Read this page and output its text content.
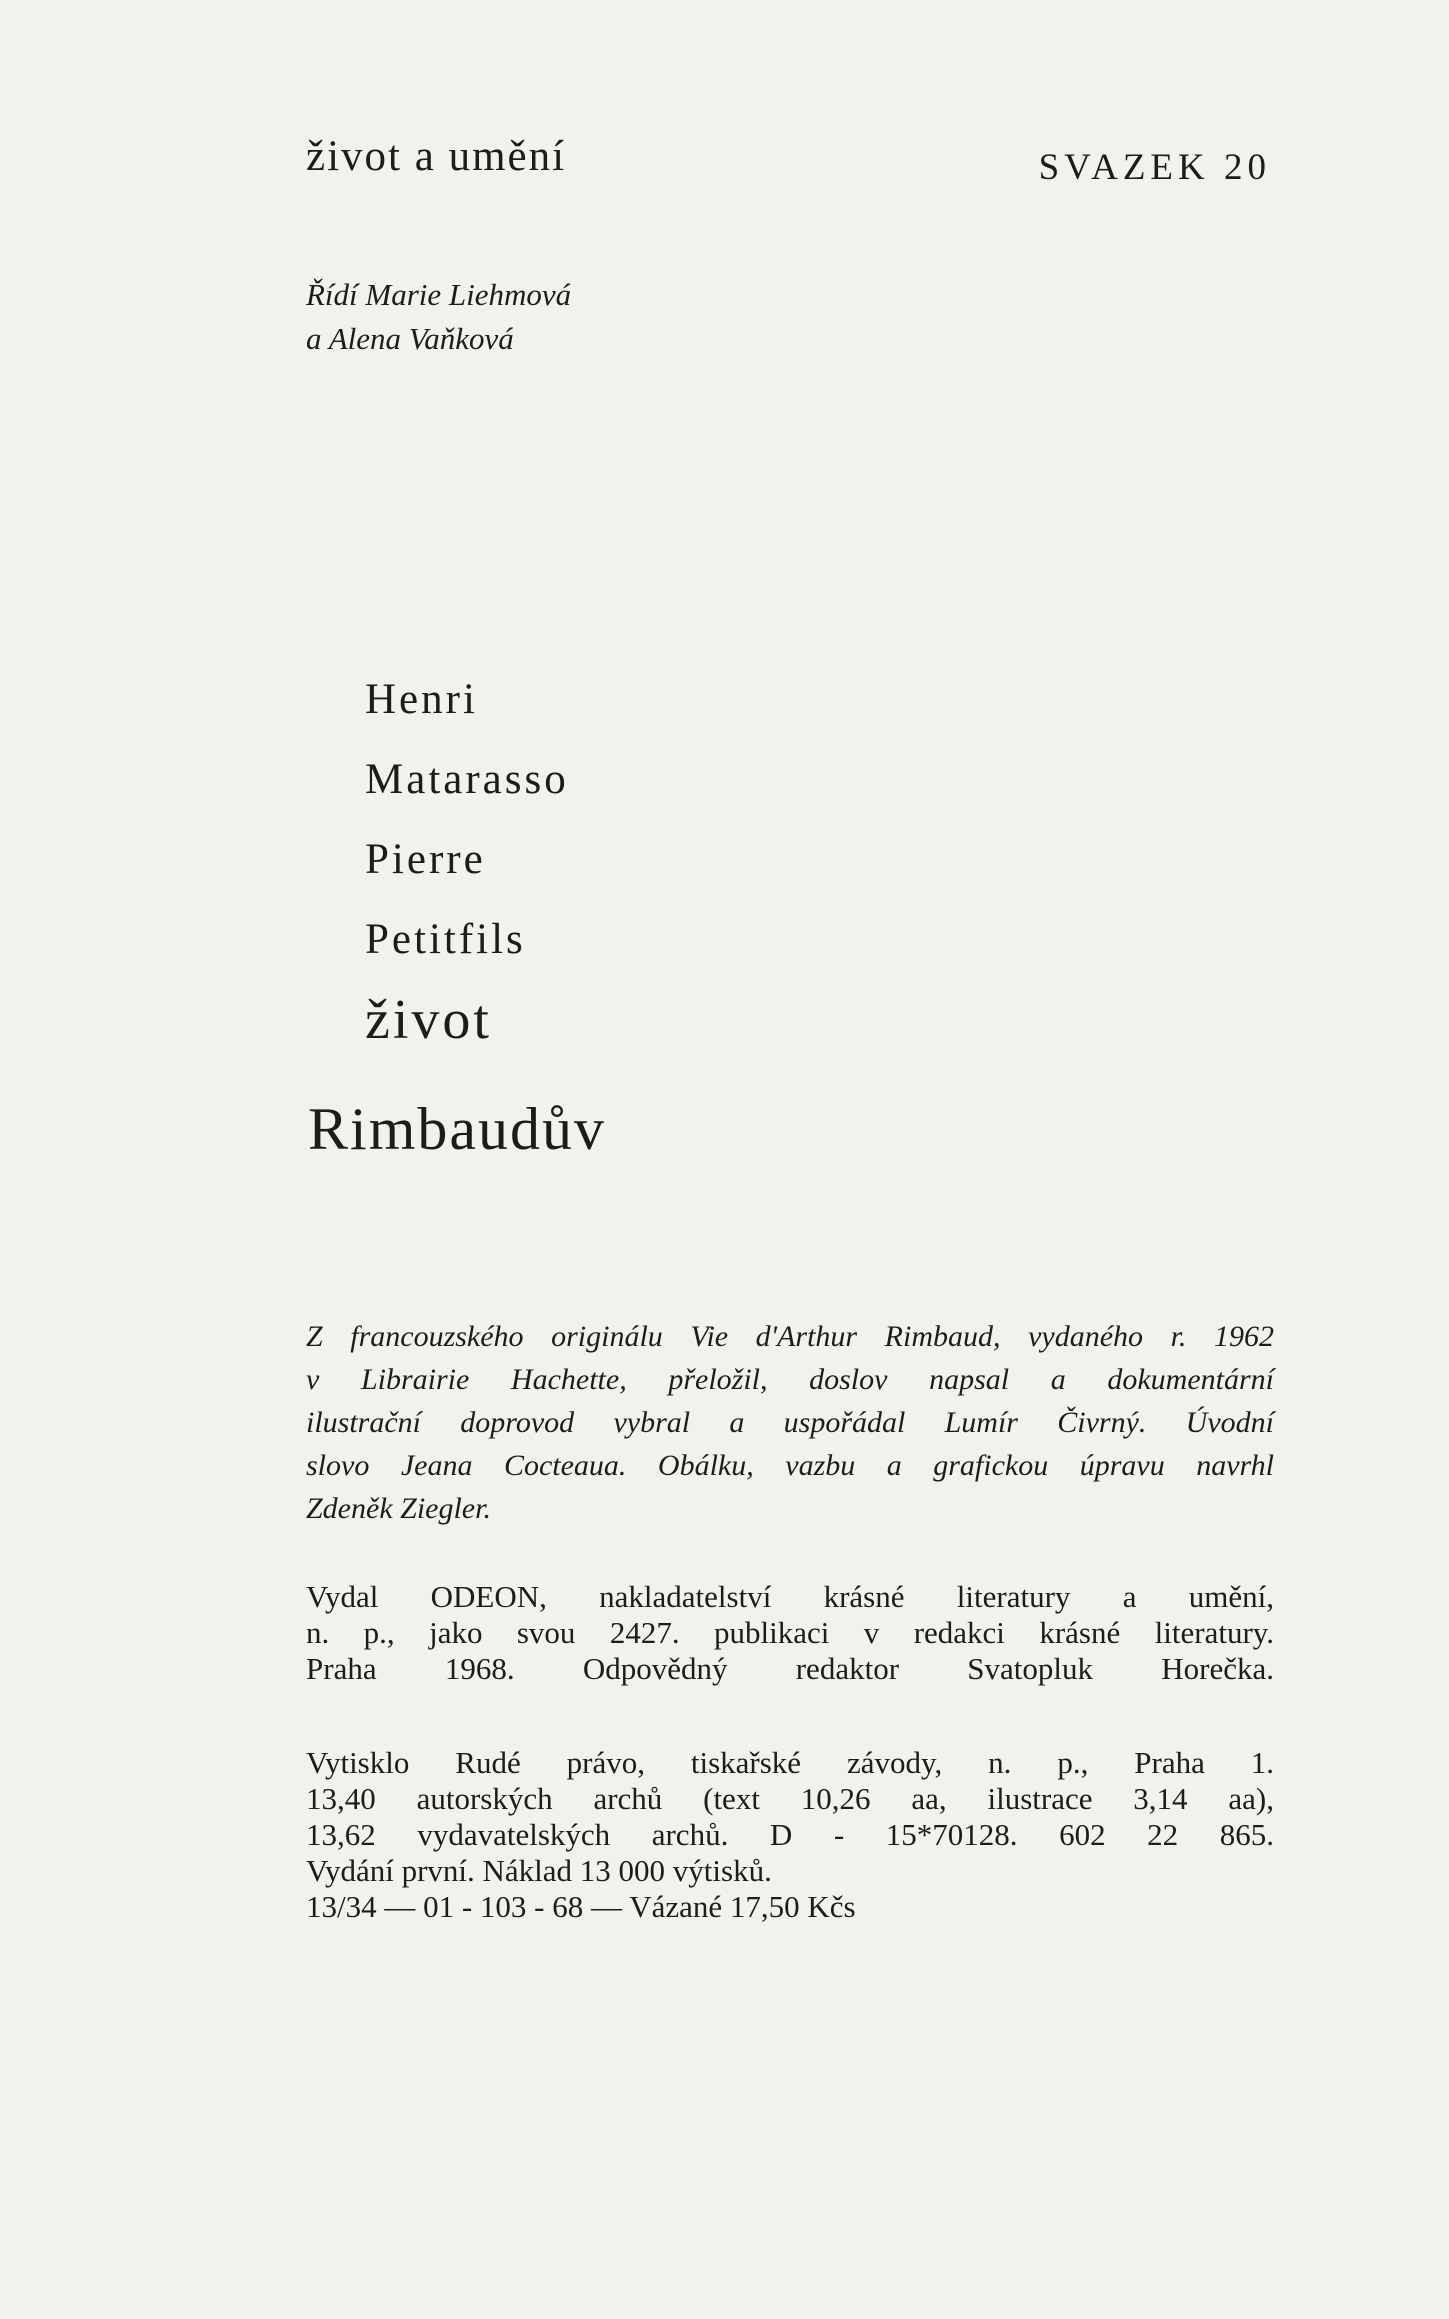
život a umění	SVAZEK 20
Řídí Marie Liehmová
a Alena Vaňková
Henri
Matarasso
Pierre
Petitfils
život
Rimbaudův
Z francouzského originálu Vie d'Arthur Rimbaud, vydaného r. 1962
v Librairie Hachette, přeložil, doslov napsal a dokumentární
ilustrační doprovod vybral a uspořádal Lumír Čivrný. Úvodní
slovo Jeana Cocteaua. Obálku, vazbu a grafickou úpravu navrhl
Zdeněk Ziegler.
Vydal ODEON, nakladatelství krásné literatury a umění,
n. p., jako svou 2427. publikaci v redakci krásné literatury.
Praha 1968. Odpovědný redaktor Svatopluk Horečka.
Vytisklo Rudé právo, tiskařské závody, n. p., Praha 1.
13,40 autorských archů (text 10,26 aa, ilustrace 3,14 aa),
13,62 vydavatelských archů. D - 15*70128. 602 22 865.
Vydání první. Náklad 13 000 výtisků.
13/34 — 01 - 103 - 68 — Vázané 17,50 Kčs
